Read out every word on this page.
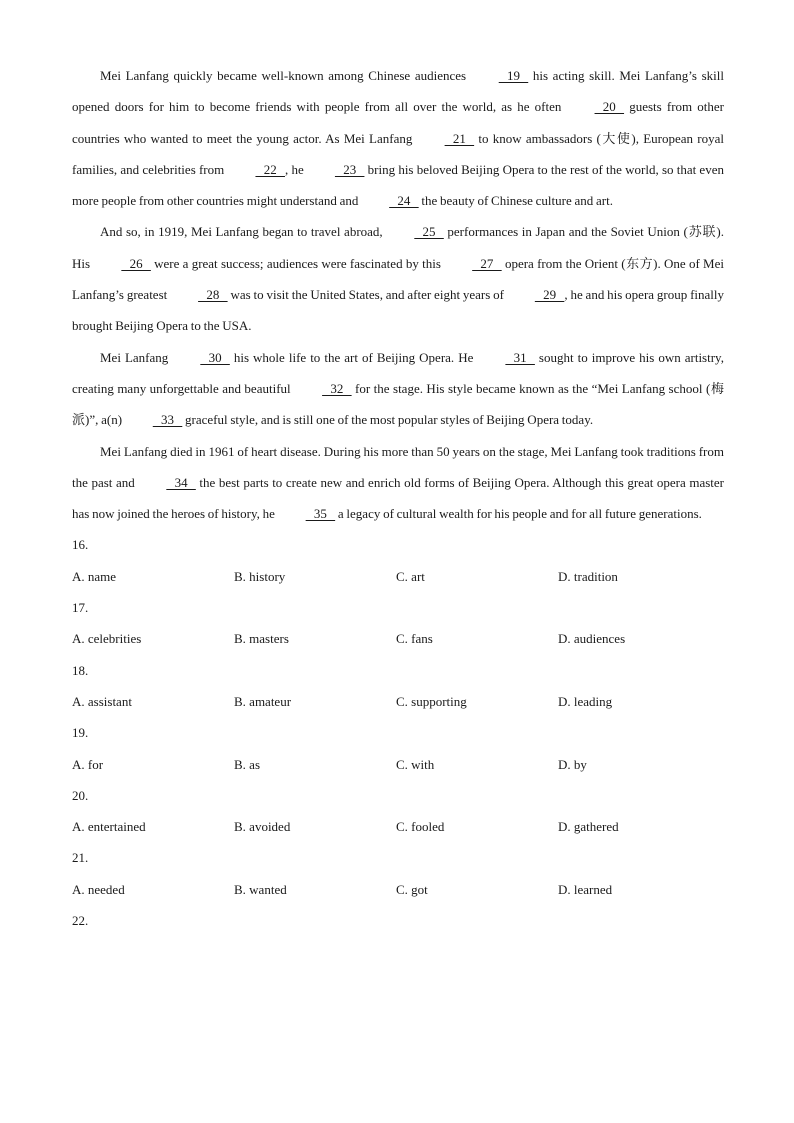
Mei Lanfang quickly became well-known among Chinese audiences    19    his acting skill. Mei Lanfang’s skill opened doors for him to become friends with people from all over the world, as he often    20    guests from other countries who wanted to meet the young actor. As Mei Lanfang    21    to know ambassadors (大使), European royal families, and celebrities from    22   , he    23    bring his beloved Beijing Opera to the rest of the world, so that even more people from other countries might understand and    24    the beauty of Chinese culture and art.

And so, in 1919, Mei Lanfang began to travel abroad,    25    performances in Japan and the Soviet Union (苏联). His    26    were a great success; audiences were fascinated by this    27    opera from the Orient (东方). One of Mei Lanfang’s greatest    28    was to visit the United States, and after eight years of    29   , he and his opera group finally brought Beijing Opera to the USA.

Mei Lanfang    30    his whole life to the art of Beijing Opera. He    31    sought to improve his own artistry, creating many unforgettable and beautiful    32    for the stage. His style became known as the “Mei Lanfang school (梅派)”, a(n)    33    graceful style, and is still one of the most popular styles of Beijing Opera today.

Mei Lanfang died in 1961 of heart disease. During his more than 50 years on the stage, Mei Lanfang took traditions from the past and    34    the best parts to create new and enrich old forms of Beijing Opera. Although this great opera master has now joined the heroes of history, he    35    a legacy of cultural wealth for his people and for all future generations.

16.
A. name	B. history	C. art	D. tradition
17.
A. celebrities	B. masters	C. fans	D. audiences
18.
A. assistant	B. amateur	C. supporting	D. leading
19.
A. for	B. as	C. with	D. by
20.
A. entertained	B. avoided	C. fooled	D. gathered
21.
A. needed	B. wanted	C. got	D. learned
22.
